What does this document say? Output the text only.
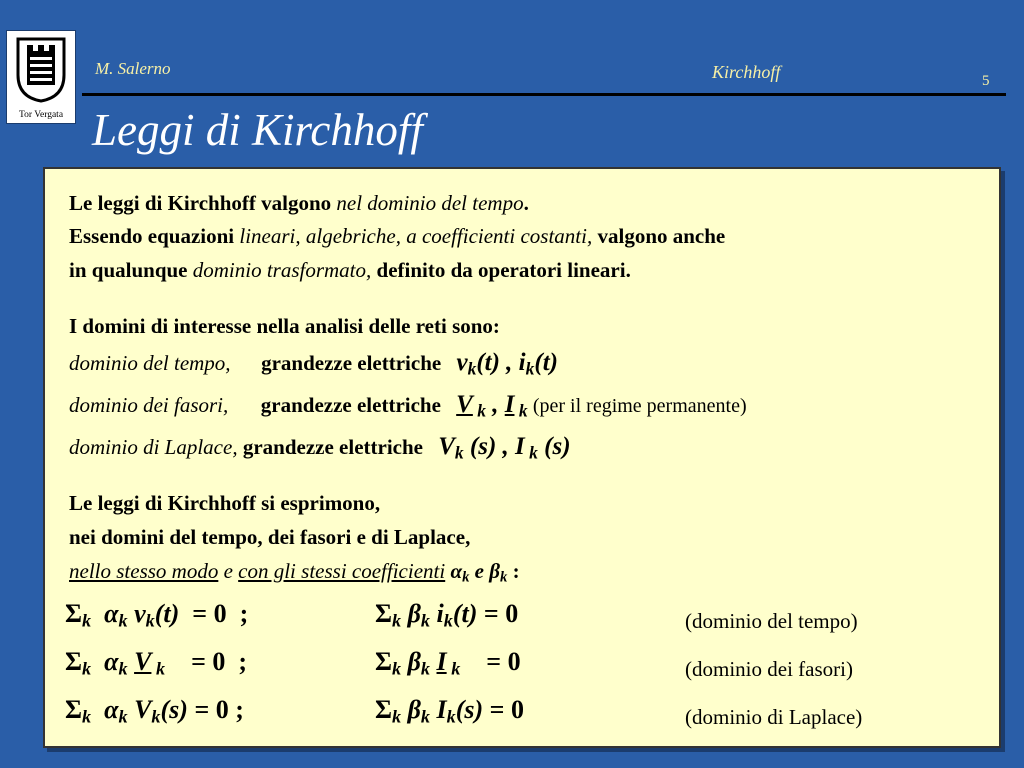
Tor Vergata
M. Salerno	Kirchhoff	5
Leggi di Kirchhoff
Le leggi di Kirchhoff valgono nel dominio del tempo.
Essendo equazioni lineari, algebriche, a coefficienti costanti, valgono anche
in qualunque dominio trasformato, definito da operatori lineari.
I domini di interesse nella analisi delle reti sono:
dominio del tempo, grandezze elettriche $v_k(t)$ , $i_k(t)$
dominio dei fasori, grandezze elettriche V $_k$ , I $_k$ (per il regime permanente)
dominio di Laplace, grandezze elettriche $V_k$ (s) , I $_k$ (s)
Le leggi di Kirchhoff si esprimono,
nei domini del tempo, dei fasori e di Laplace,
nello stesso modo e con gli stessi coefficienti $\alpha_k$ e $\beta_k$ :
$\Sigma_k$ $\alpha_k$ $v_k(t) = 0$  ;	$\Sigma_k$ $\beta_k$ $i_k(t) = 0$	(dominio del tempo)
$\Sigma_k$ $\alpha_k$ V $_k$    = 0  ;	$\Sigma_k$ $\beta_k$ I $_k$    = 0	(dominio dei fasori)
$\Sigma_k$ $\alpha_k$ $V_k(s) = 0$ ;	$\Sigma_k$ $\beta_k$ $I_k(s) = 0$	(dominio di Laplace)
